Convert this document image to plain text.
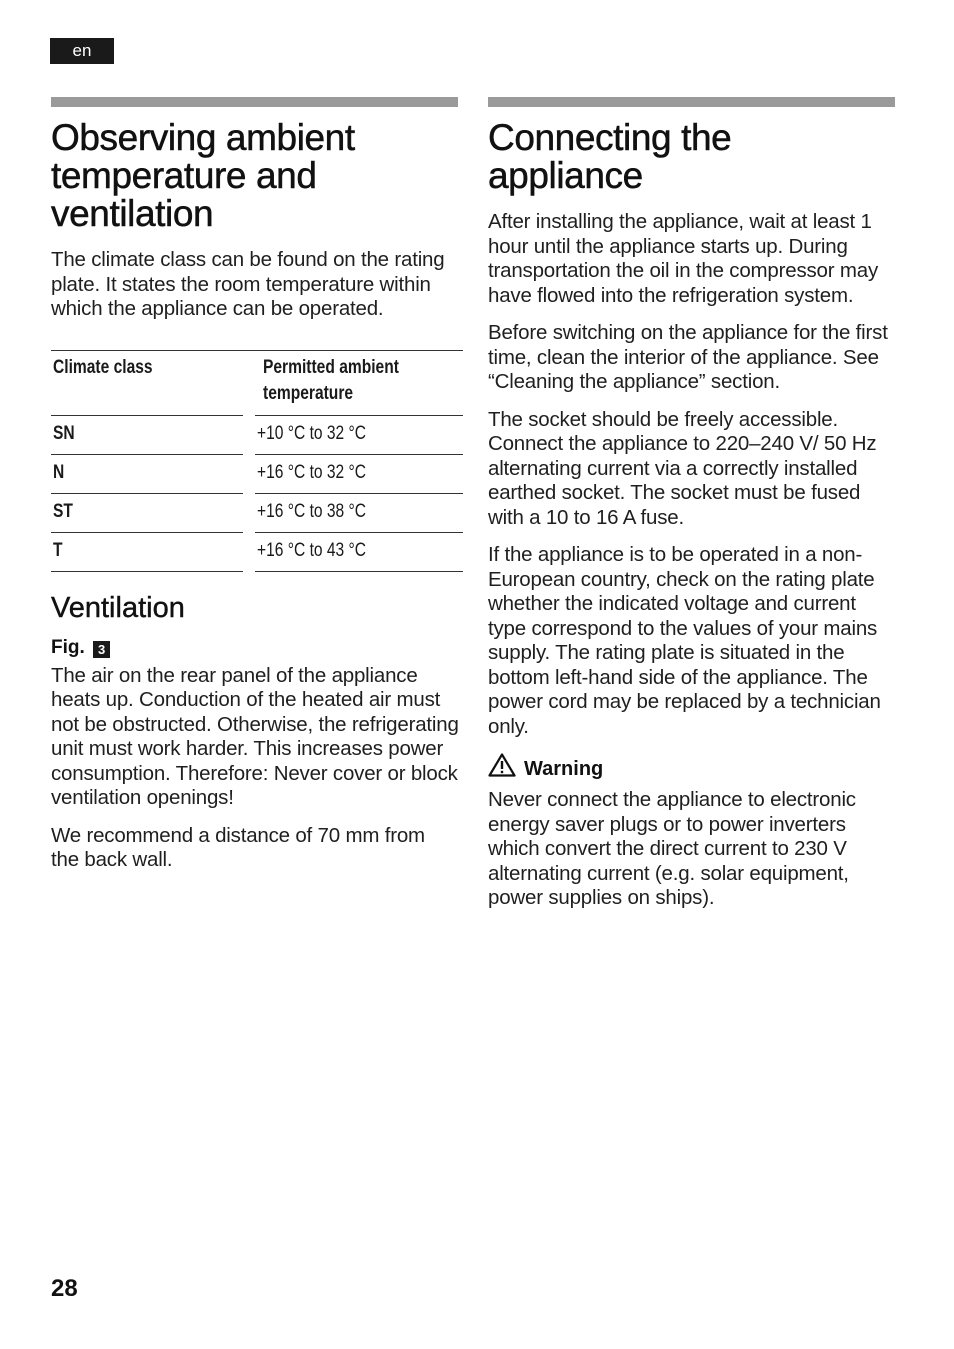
en
Observing ambient temperature and ventilation

The climate class can be found on the rating plate. It states the room temperature within which the appliance can be operated.

Climate class	Permitted ambient temperature
SN	+10 °C to 32 °C
N	+16 °C to 32 °C
ST	+16 °C to 38 °C
T	+16 °C to 43 °C
Ventilation
Fig. 3

The air on the rear panel of the appliance heats up. Conduction of the heated air must not be obstructed. Otherwise, the refrigerating unit must work harder. This increases power consumption. Therefore: Never cover or block ventilation openings!

We recommend a distance of 70 mm from the back wall.

Connecting the appliance

After installing the appliance, wait at least 1 hour until the appliance starts up. During transportation the oil in the compressor may have flowed into the refrigeration system.

Before switching on the appliance for the first time, clean the interior of the appliance. See “Cleaning the appliance” section.

The socket should be freely accessible. Connect the appliance to 220–240 V/ 50 Hz alternating current via a correctly installed earthed socket. The socket must be fused with a 10 to 16 A fuse.

If the appliance is to be operated in a non-European country, check on the rating plate whether the indicated voltage and current type correspond to the values of your mains supply. The rating plate is situated in the bottom left-hand side of the appliance. The power cord may be replaced by a technician only.

Warning

Never connect the appliance to electronic energy saver plugs or to power inverters which convert the direct current to 230 V alternating current (e.g. solar equipment, power supplies on ships).

28
